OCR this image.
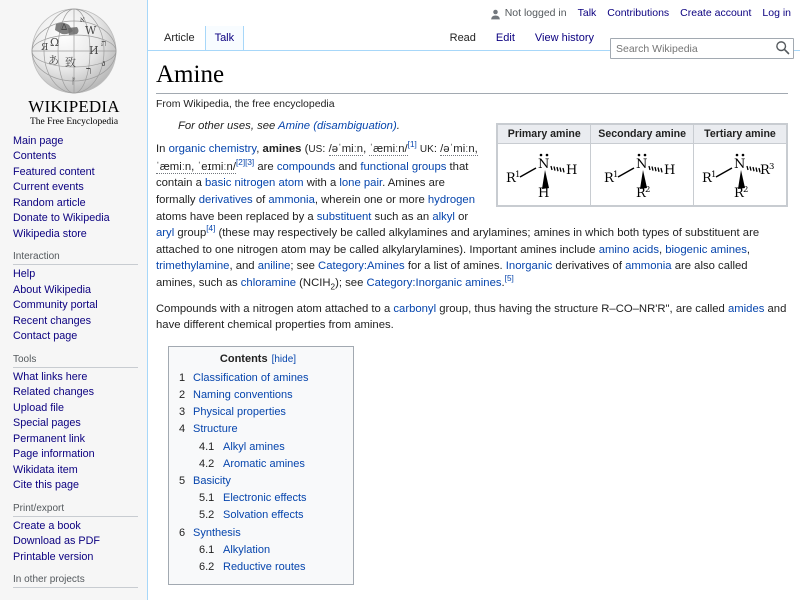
Ω
W
И
致
ר
あ
ת
ᐃ
ง
ᚠ
Я
א
WIKIPEDIA
The Free Encyclopedia
Main page
Contents
Featured content
Current events
Random article
Donate to Wikipedia
Wikipedia store
Interaction
Help
About Wikipedia
Community portal
Recent changes
Contact page
Tools
What links here
Related changes
Upload file
Special pages
Permanent link
Page information
Wikidata item
Cite this page
Print/export
Create a book
Download as PDF
Printable version
In other projects
Not logged in Talk Contributions Create account Log in
Article	Talk	Read	Edit	View history
Search Wikipedia
Amine
From Wikipedia, the free encyclopedia
Primary amine	Secondary amine	Tertiary amine

N
R 1	H
H

N
R 1	H
R 2

N
R 1	R 3
R 2
For other uses, see Amine (disambiguation).

In organic chemistry, amines (US: /əˈmiːn, ˈæmiːn/[1] UK: /əˈmiːn, ˈæmiːn, ˈeɪmiːn/[2][3] are compounds and functional groups that contain a basic nitrogen atom with a lone pair. Amines are formally derivatives of ammonia, wherein one or more hydrogen atoms have been replaced by a substituent such as an alkyl or aryl group[4] (these may respectively be called alkylamines and arylamines; amines in which both types of substituent are attached to one nitrogen atom may be called alkylarylamines). Important amines include amino acids, biogenic amines, trimethylamine, and aniline; see Category:Amines for a list of amines. Inorganic derivatives of ammonia are also called amines, such as chloramine $(NCIH_2)$; see Category:Inorganic amines.[5]

Compounds with a nitrogen atom attached to a carbonyl group, thus having the structure R–CO–NR'R", are called amides and have different chemical properties from amines.

Contents [hide]
1 Classification of amines
2 Naming conventions
3 Physical properties
4 Structure
4.1 Alkyl amines
4.2 Aromatic amines
5 Basicity
5.1 Electronic effects
5.2 Solvation effects
6 Synthesis
6.1 Alkylation
6.2 Reductive routes
